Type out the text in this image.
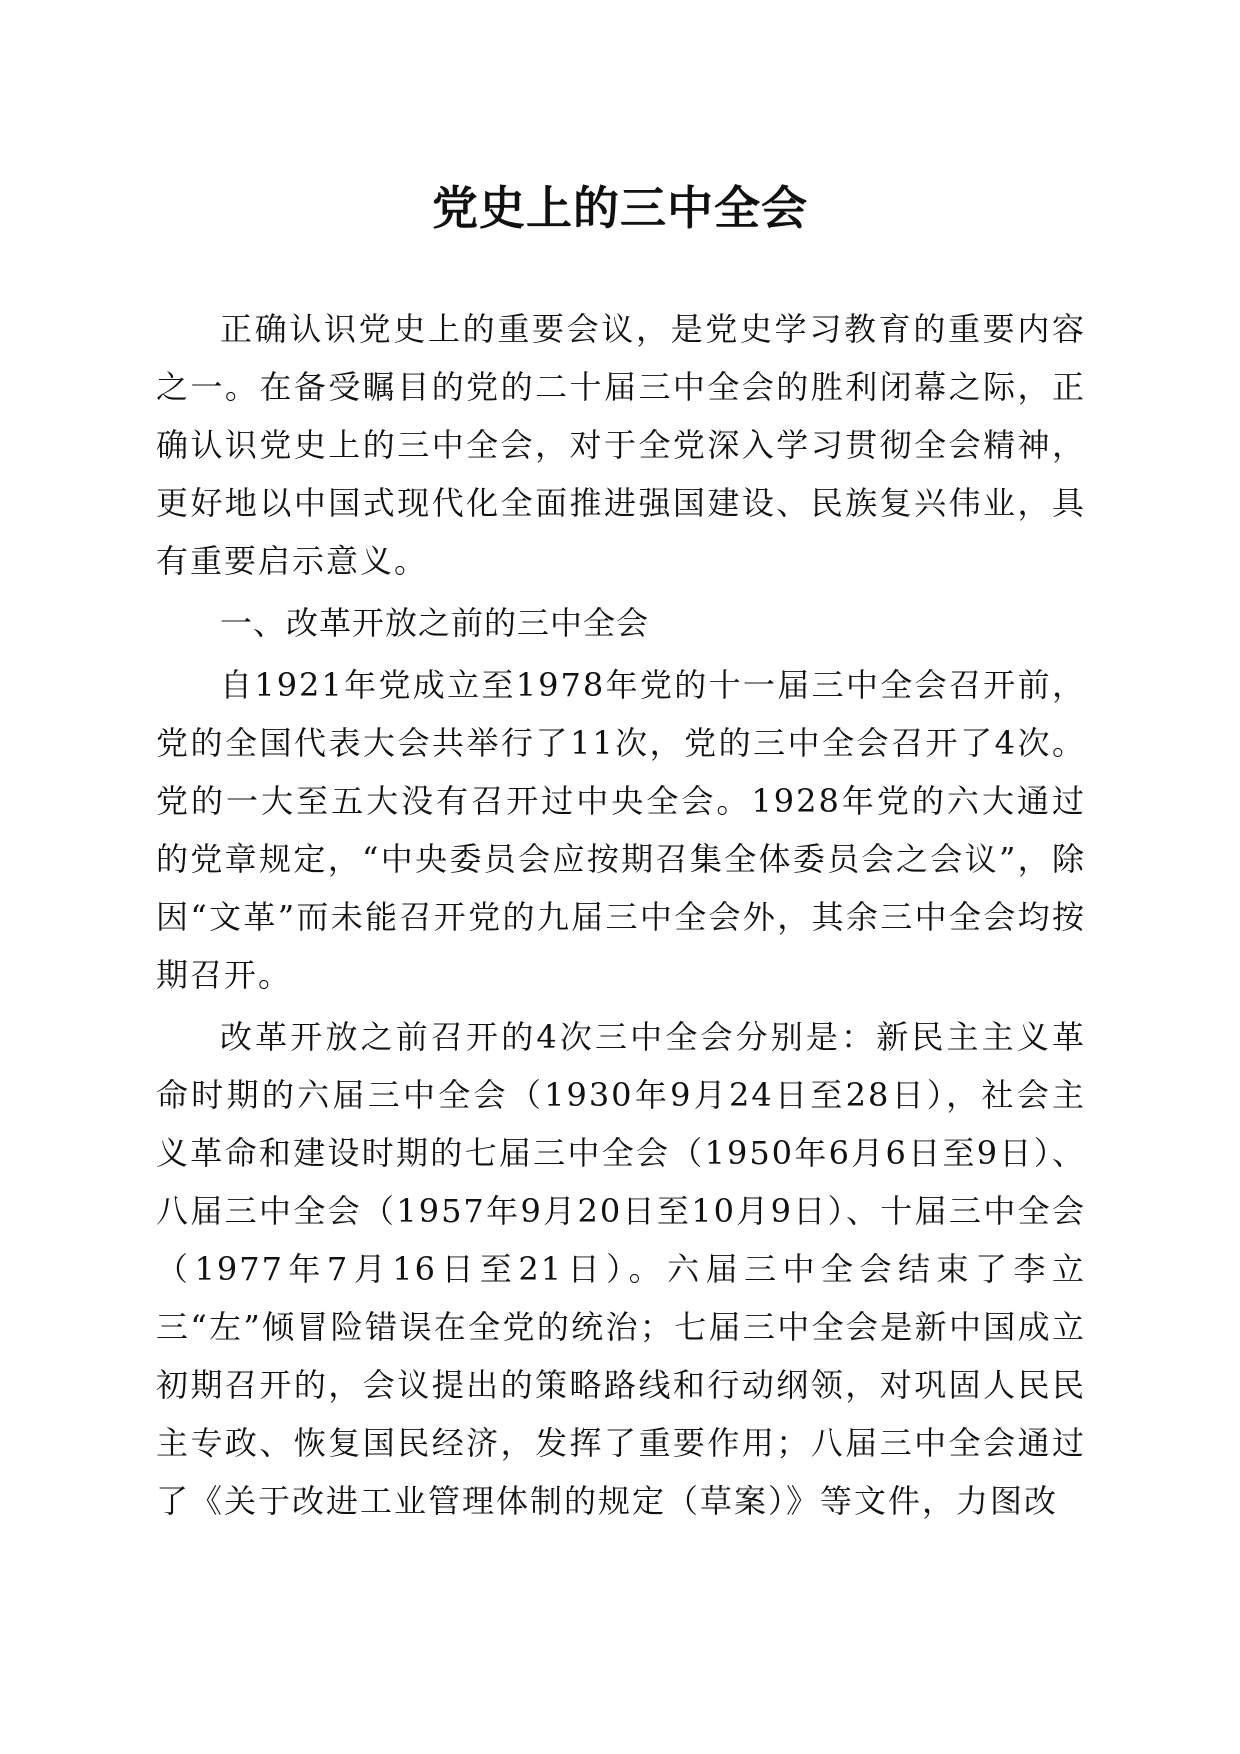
党史上的三中全会

正确认识党史上的重要会议，是党史学习教育的重要内容之一。在备受瞩目的党的二十届三中全会的胜利闭幕之际，正确认识党史上的三中全会，对于全党深入学习贯彻全会精神，更好地以中国式现代化全面推进强国建设、民族复兴伟业，具有重要启示意义。

一、改革开放之前的三中全会

自1921年党成立至1978年党的十一届三中全会召开前，党的全国代表大会共举行了11次，党的三中全会召开了4次。党的一大至五大没有召开过中央全会。1928年党的六大通过的党章规定，“中央委员会应按期召集全体委员会之会议”，除因“文革”而未能召开党的九届三中全会外，其余三中全会均按期召开。

改革开放之前召开的4次三中全会分别是：新民主主义革命时期的六届三中全会（1930年9月24日至28日），社会主义革命和建设时期的七届三中全会（1950年6月6日至9日）、八届三中全会（1957年9月20日至10月9日）、十届三中全会（1977年7月16日至21日）。六届三中全会结束了李立三“左”倾冒险错误在全党的统治；七届三中全会是新中国成立初期召开的，会议提出的策略路线和行动纲领，对巩固人民民主专政、恢复国民经济，发挥了重要作用；八届三中全会通过了《关于改进工业管理体制的规定（草案）》等文件，力图改
